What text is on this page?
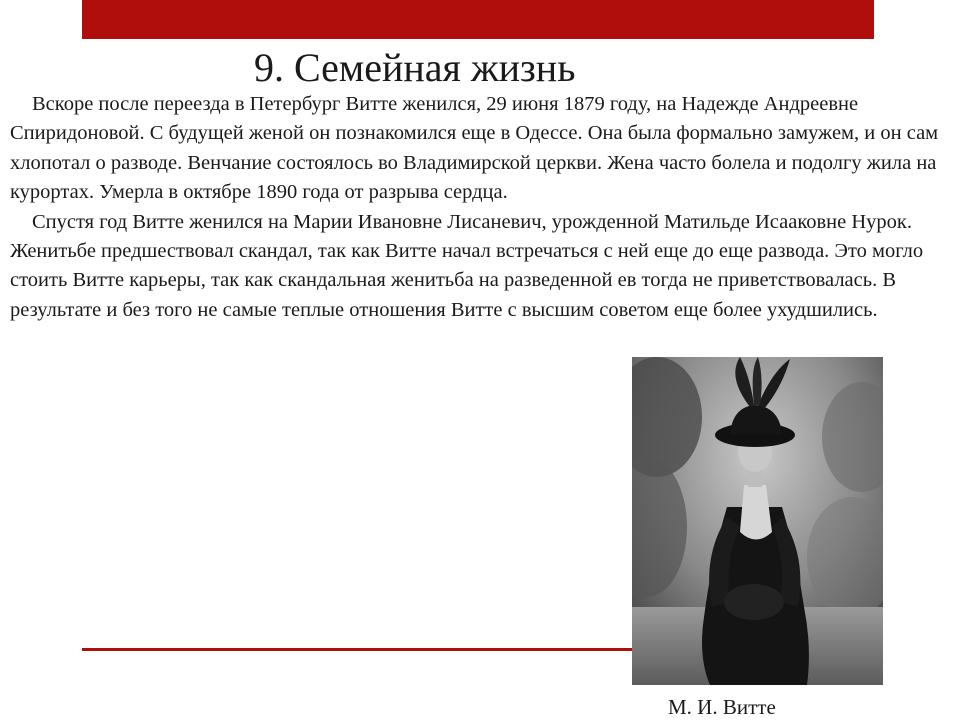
9. Семейная жизнь

Вскоре после переезда в Петербург Витте женился, 29 июня 1879 году, на Надежде Андреевне Спиридоновой. С будущей женой он познакомился еще в Одессе. Она была формально замужем, и он сам хлопотал о разводе. Венчание состоялось во Владимирской церкви. Жена часто болела и подолгу жила на курортах. Умерла в октябре 1890 года от разрыва сердца.

Спустя год Витте женился на Марии Ивановне Лисаневич, урожденной Матильде Исааковне Нурок. Женитьбе предшествовал скандал, так как Витте начал встречаться с ней еще до еще развода. Это могло стоить Витте карьеры, так как скандальная женитьба на разведенной ев тогда не приветствовалась. В результате и без того не самые теплые отношения Витте с высшим советом еще более ухудшились.

М. И. Витте
